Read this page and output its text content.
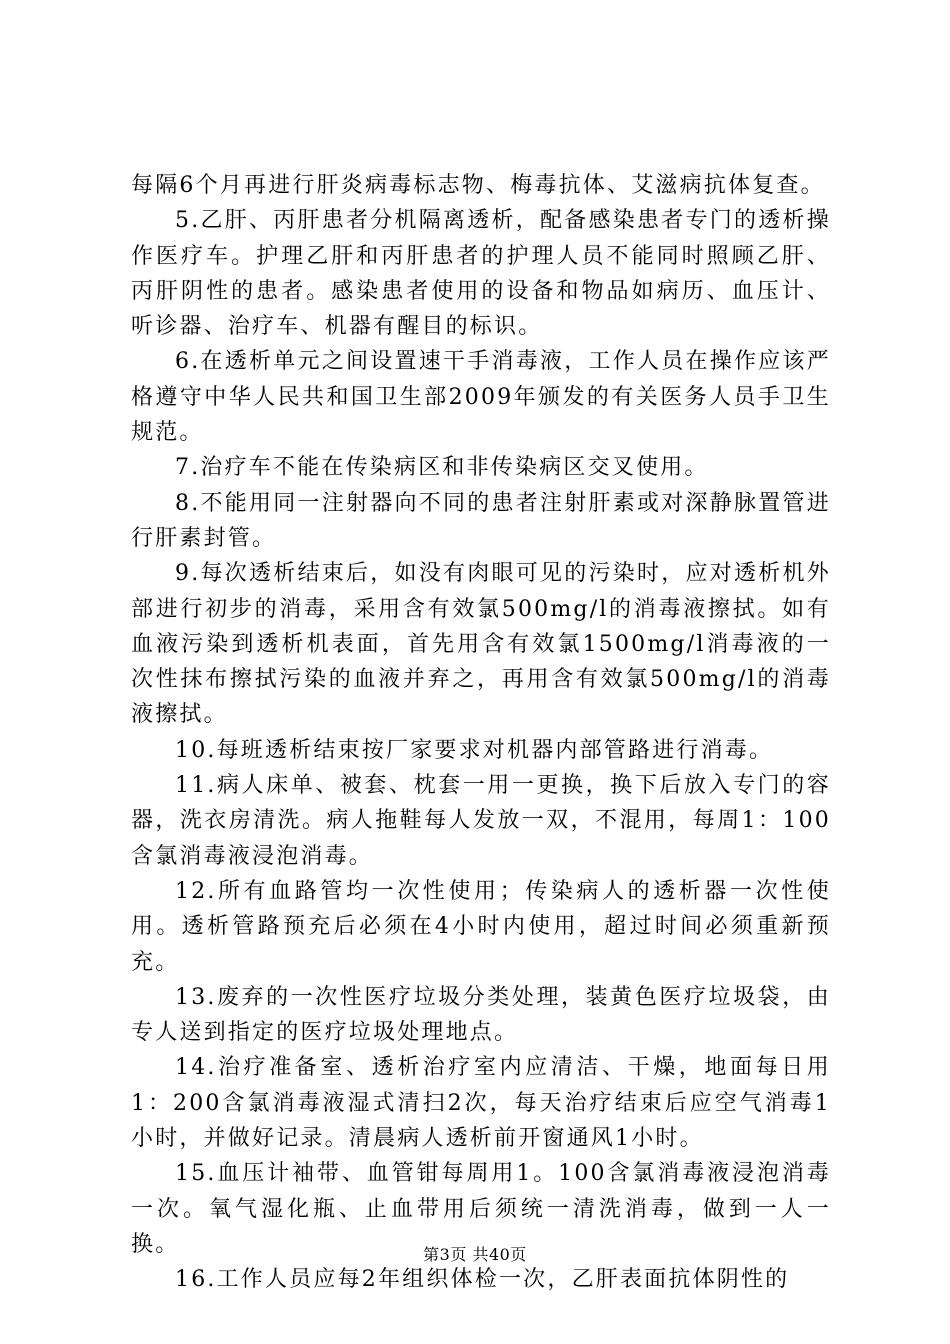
每隔6个月再进行肝炎病毒标志物、梅毒抗体、艾滋病抗体复查。

5.乙肝、丙肝患者分机隔离透析，配备感染患者专门的透析操作医疗车。护理乙肝和丙肝患者的护理人员不能同时照顾乙肝、丙肝阴性的患者。感染患者使用的设备和物品如病历、血压计、听诊器、治疗车、机器有醒目的标识。

6.在透析单元之间设置速干手消毒液，工作人员在操作应该严格遵守中华人民共和国卫生部2009年颁发的有关医务人员手卫生规范。

7.治疗车不能在传染病区和非传染病区交叉使用。

8.不能用同一注射器向不同的患者注射肝素或对深静脉置管进行肝素封管。

9.每次透析结束后，如没有肉眼可见的污染时，应对透析机外部进行初步的消毒，采用含有效氯500mg/l的消毒液擦拭。如有血液污染到透析机表面，首先用含有效氯1500mg/l消毒液的一次性抹布擦拭污染的血液并弃之，再用含有效氯500mg/l的消毒液擦拭。

10.每班透析结束按厂家要求对机器内部管路进行消毒。

11.病人床单、被套、枕套一用一更换，换下后放入专门的容器，洗衣房清洗。病人拖鞋每人发放一双，不混用，每周1：100含氯消毒液浸泡消毒。

12.所有血路管均一次性使用；传染病人的透析器一次性使用。透析管路预充后必须在4小时内使用，超过时间必须重新预充。

13.废弃的一次性医疗垃圾分类处理，装黄色医疗垃圾袋，由专人送到指定的医疗垃圾处理地点。

14.治疗准备室、透析治疗室内应清洁、干燥，地面每日用1：200含氯消毒液湿式清扫2次，每天治疗结束后应空气消毒1小时，并做好记录。清晨病人透析前开窗通风1小时。

15.血压计袖带、血管钳每周用1。100含氯消毒液浸泡消毒一次。氧气湿化瓶、止血带用后须统一清洗消毒，做到一人一换。

16.工作人员应每2年组织体检一次，乙肝表面抗体阴性的

第3页 共40页
